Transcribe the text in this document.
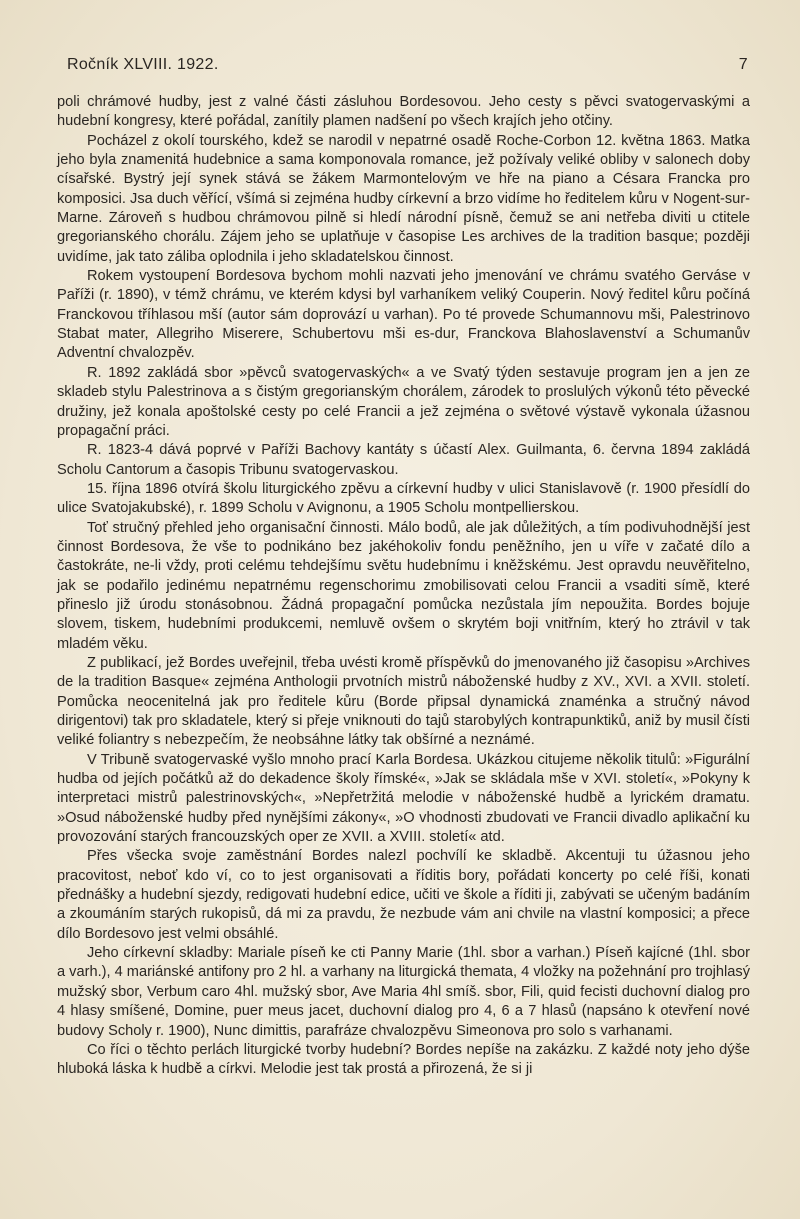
Ročník XLVIII. 1922.	7

poli chrámové hudby, jest z valné části zásluhou Bordesovou. Jeho cesty s pěvci svatogervaskými a hudební kongresy, které pořádal, zanítily plamen nadšení po všech krajích jeho otčiny.

Pocházel z okolí tourského, kdež se narodil v nepatrné osadě Roche-Corbon 12. května 1863. Matka jeho byla znamenitá hudebnice a sama komponovala romance, jež požívaly veliké obliby v salonech doby císařské. Bystrý její synek stává se žákem Marmontelovým ve hře na piano a Césara Francka pro komposici. Jsa duch věřící, všímá si zejména hudby církevní a brzo vidíme ho ředitelem kůru v Nogent-sur-Marne. Zároveň s hudbou chrámovou pilně si hledí národní písně, čemuž se ani netřeba diviti u ctitele gregorianského chorálu. Zájem jeho se uplatňuje v časopise Les archives de la tradition basque; později uvidíme, jak tato záliba oplodnila i jeho skladatelskou činnost.

Rokem vystoupení Bordesova bychom mohli nazvati jeho jmenování ve chrámu svatého Gerváse v Paříži (r. 1890), v témž chrámu, ve kterém kdysi byl varhaníkem veliký Couperin. Nový ředitel kůru počíná Franckovou tříhlasou mší (autor sám doprovází u varhan). Po té provede Schumannovu mši, Palestrinovo Stabat mater, Allegriho Miserere, Schubertovu mši es-dur, Franckova Blahoslavenství a Schumanův Adventní chvalozpěv.

R. 1892 zakládá sbor »pěvců svatogervaských« a ve Svatý týden sestavuje program jen a jen ze skladeb stylu Palestrinova a s čistým gregorianským chorálem, zárodek to proslulých výkonů této pěvecké družiny, jež konala apoštolské cesty po celé Francii a jež zejména o světové výstavě vykonala úžasnou propagační práci.

R. 1823-4 dává poprvé v Paříži Bachovy kantáty s účastí Alex. Guilmanta, 6. června 1894 zakládá Scholu Cantorum a časopis Tribunu svatogervaskou.

15. října 1896 otvírá školu liturgického zpěvu a církevní hudby v ulici Stanislavově (r. 1900 přesídlí do ulice Svatojakubské), r. 1899 Scholu v Avignonu, a 1905 Scholu montpellierskou.

Toť stručný přehled jeho organisační činnosti. Málo bodů, ale jak důležitých, a tím podivuhodnější jest činnost Bordesova, že vše to podnikáno bez jakéhokoliv fondu peněžního, jen u víře v začaté dílo a častokráte, ne-li vždy, proti celému tehdejšímu světu hudebnímu i kněžskému. Jest opravdu neuvěřitelno, jak se podařilo jedinému nepatrnému regenschorimu zmobilisovati celou Francii a vsaditi símě, které přineslo již úrodu stonásobnou. Žádná propagační pomůcka nezůstala jím nepoužita. Bordes bojuje slovem, tiskem, hudebními produkcemi, nemluvě ovšem o skrytém boji vnitřním, který ho ztrávil v tak mladém věku.

Z publikací, jež Bordes uveřejnil, třeba uvésti kromě příspěvků do jmenovaného již časopisu »Archives de la tradition Basque« zejména Anthologii prvotních mistrů náboženské hudby z XV., XVI. a XVII. století. Pomůcka neocenitelná jak pro ředitele kůru (Borde připsal dynamická znaménka a stručný návod dirigentovi) tak pro skladatele, který si přeje vniknouti do tajů starobylých kontrapunktiků, aniž by musil čísti veliké foliantry s nebezpečím, že neobsáhne látky tak obšírné a neznámé.

V Tribuně svatogervaské vyšlo mnoho prací Karla Bordesa. Ukázkou citujeme několik titulů: »Figurální hudba od jejích počátků až do dekadence školy římské«, »Jak se skládala mše v XVI. století«, »Pokyny k interpretaci mistrů palestrinovských«, »Nepřetržitá melodie v náboženské hudbě a lyrickém dramatu. »Osud náboženské hudby před nynějšími zákony«, »O vhodnosti zbudovati ve Francii divadlo aplikační ku provozování starých francouzských oper ze XVII. a XVIII. století« atd.

Přes všecka svoje zaměstnání Bordes nalezl pochvílí ke skladbě. Akcentuji tu úžasnou jeho pracovitost, neboť kdo ví, co to jest organisovati a říditis bory, pořádati koncerty po celé říši, konati přednášky a hudební sjezdy, redigovati hudební edice, učiti ve škole a říditi ji, zabývati se učeným badáním a zkoumáním starých rukopisů, dá mi za pravdu, že nezbude vám ani chvile na vlastní komposici; a přece dílo Bordesovo jest velmi obsáhlé.

Jeho církevní skladby: Mariale píseň ke cti Panny Marie (1hl. sbor a varhan.) Píseň kajícné (1hl. sbor a varh.), 4 mariánské antifony pro 2 hl. a varhany na liturgická themata, 4 vložky na požehnání pro trojhlasý mužský sbor, Verbum caro 4hl. mužský sbor, Ave Maria 4hl smíš. sbor, Fili, quid fecisti duchovní dialog pro 4 hlasy smíšené, Domine, puer meus jacet, duchovní dialog pro 4, 6 a 7 hlasů (napsáno k otevření nové budovy Scholy r. 1900), Nunc dimittis, parafráze chvalozpěvu Simeonova pro solo s varhanami.

Co říci o těchto perlách liturgické tvorby hudební? Bordes nepíše na zakázku. Z každé noty jeho dýše hluboká láska k hudbě a církvi. Melodie jest tak prostá a přirozená, že si ji
